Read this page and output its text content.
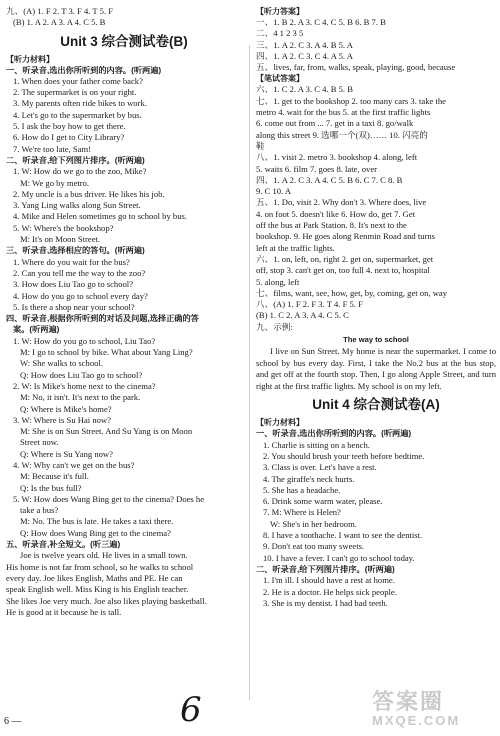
九、(A) 1. F 2. T 3. F 4. T 5. F
(B) 1. A 2. A 3. A 4. C 5. B
Unit 3 综合测试卷(B)
【听力材料】
一、听录音,选出你所听到的内容。(听两遍)
1. When does your father come back?
2. The supermarket is on your right.
3. My parents often ride bikes to work.
4. Let's go to the supermarket by bus.
5. I ask the boy how to get there.
6. How do I get to City Library?
7. We're too late, Sam!
二、听录音,给下列图片排序。(听两遍)
1. W: How do we go to the zoo, Mike?
M: We go by metro.
2. My uncle is a bus driver. He likes his job.
3. Yang Ling walks along Sun Street.
4. Mike and Helen sometimes go to school by bus.
5. W: Where's the bookshop?
M: It's on Moon Street.
三、听录音,选择相应的答句。(听两遍)
1. Where do you wait for the bus?
2. Can you tell me the way to the zoo?
3. How does Liu Tao go to school?
4. How do you go to school every day?
5. Is there a shop near your school?
四、听录音,根据你所听到的对话及问题,选择正确的答
案。(听两遍)
1. W: How do you go to school, Liu Tao?
M: I go to school by bike. What about Yang Ling?
W: She walks to school.
Q: How does Liu Tao go to school?
2. W: Is Mike's home next to the cinema?
M: No, it isn't. It's next to the park.
Q: Where is Mike's home?
3. W: Where is Su Hai now?
M: She is on Sun Street. And Su Yang is on Moon
Street now.
Q: Where is Su Yang now?
4. W: Why can't we get on the bus?
M: Because it's full.
Q: Is the bus full?
5. W: How does Wang Bing get to the cinema? Does he
take a bus?
M: No. The bus is late. He takes a taxi there.
Q: How does Wang Bing get to the cinema?
五、听录音,补全短文。(听三遍)
Joe is twelve years old. He lives in a small town.
His home is not far from school, so he walks to school
every day. Joe likes English, Maths and PE. He can
speak English well. Miss King is his English teacher.
She likes Joe very much. Joe also likes playing basketball.
He is good at it because he is tall.
【听力答案】
一、1. B 2. A 3. C 4. C 5. B 6. B 7. B
二、4 1 2 3 5
三、1. A 2. C 3. A 4. B 5. A
四、1. A 2. C 3. C 4. A 5. A
五、lives, far, from, walks, speak, playing, good, because
【笔试答案】
六、1. C 2. A 3. C 4. B 5. B
七、1. get to the bookshop 2. too many cars 3. take the
metro 4. wait for the bus 5. at the first traffic lights
6. come out from ... 7. get in a taxi 8. go/walk
along this street 9. 选哪一个(双)…… 10. 闪亮的
鞋
八、1. visit 2. metro 3. bookshop 4. along, left
5. waits 6. film 7. goes 8. late, over
四、1. A 2. C 3. A 4. C 5. B 6. C 7. C 8. B
9. C 10. A
五、1. Do, visit 2. Why don't 3. Where does, live
4. on foot 5. doesn't like 6. How do, get 7. Get
off the bus at Park Station. 8. It's next to the
bookshop. 9. He goes along Renmin Road and turns
left at the traffic lights.
六、1. on, left, on, right 2. get on, supermarket, get
off, stop 3. can't get on, too full 4. next to, hospital
5. along, left
七、films, want, see, how, get, by, coming, get on, way
八、(A) 1. F 2. F 3. T 4. F 5. F
(B) 1. C 2. A 3. A 4. C 5. C
九、示例:
The way to school
I live on Sun Street. My home is near the supermarket. I come to school by bus every day. First, I take the No.2 bus at the bus stop, and get off at the fourth stop. Then, I go along Apple Street, and turn right at the first traffic lights. My school is on my left.
Unit 4 综合测试卷(A)
【听力材料】
一、听录音,选出你所听到的内容。(听两遍)
1. Charlie is sitting on a bench.
2. You should brush your teeth before bedtime.
3. Class is over. Let's have a rest.
4. The giraffe's neck hurts.
5. She has a headache.
6. Drink some warm water, please.
7. M: Where is Helen?
W: She's in her bedroom.
8. I have a toothache. I want to see the dentist.
9. Don't eat too many sweets.
10. I have a fever. I can't go to school today.
二、听录音,给下列图片排序。(听两遍)
1. I'm ill. I should have a rest at home.
2. He is a doctor. He helps sick people.
3. She is my dentist. I had bad teeth.
6 —	6	答案圈
MXQE.COM
